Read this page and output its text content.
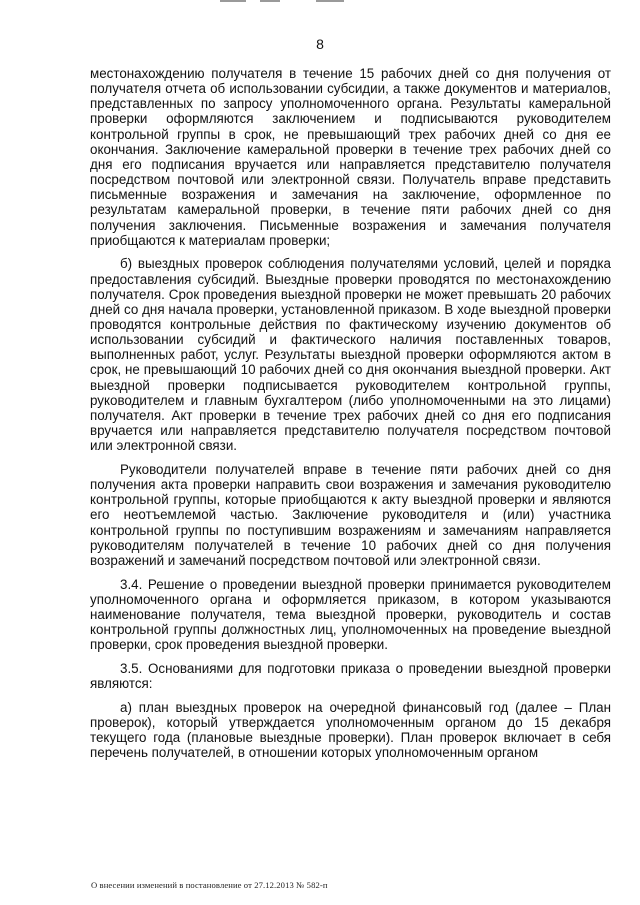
8

местонахождению получателя в течение 15 рабочих дней со дня получения от получателя отчета об использовании субсидии, а также документов и материалов, представленных по запросу уполномоченного органа. Результаты камеральной проверки оформляются заключением и подписываются руководителем контрольной группы в срок, не превышающий трех рабочих дней со дня ее окончания. Заключение камеральной проверки в течение трех рабочих дней со дня его подписания вручается или направляется представителю получателя посредством почтовой или электронной связи. Получатель вправе представить письменные возражения и замечания на заключение, оформленное по результатам камеральной проверки, в течение пяти рабочих дней со дня получения заключения. Письменные возражения и замечания получателя приобщаются к материалам проверки;

б) выездных проверок соблюдения получателями условий, целей и порядка предоставления субсидий. Выездные проверки проводятся по местонахождению получателя. Срок проведения выездной проверки не может превышать 20 рабочих дней со дня начала проверки, установленной приказом. В ходе выездной проверки проводятся контрольные действия по фактическому изучению документов об использовании субсидий и фактического наличия поставленных товаров, выполненных работ, услуг. Результаты выездной проверки оформляются актом в срок, не превышающий 10 рабочих дней со дня окончания выездной проверки. Акт выездной проверки подписывается руководителем контрольной группы, руководителем и главным бухгалтером (либо уполномоченными на это лицами) получателя. Акт проверки в течение трех рабочих дней со дня его подписания вручается или направляется представителю получателя посредством почтовой или электронной связи.

Руководители получателей вправе в течение пяти рабочих дней со дня получения акта проверки направить свои возражения и замечания руководителю контрольной группы, которые приобщаются к акту выездной проверки и являются его неотъемлемой частью. Заключение руководителя и (или) участника контрольной группы по поступившим возражениям и замечаниям направляется руководителям получателей в течение 10 рабочих дней со дня получения возражений и замечаний посредством почтовой или электронной связи.

3.4. Решение о проведении выездной проверки принимается руководителем уполномоченного органа и оформляется приказом, в котором указываются наименование получателя, тема выездной проверки, руководитель и состав контрольной группы должностных лиц, уполномоченных на проведение выездной проверки, срок проведения выездной проверки.

3.5. Основаниями для подготовки приказа о проведении выездной проверки являются:

а) план выездных проверок на очередной финансовый год (далее – План проверок), который утверждается уполномоченным органом до 15 декабря текущего года (плановые выездные проверки). План проверок включает в себя перечень получателей, в отношении которых уполномоченным органом

О внесении изменений в постановление от 27.12.2013 № 582-п
